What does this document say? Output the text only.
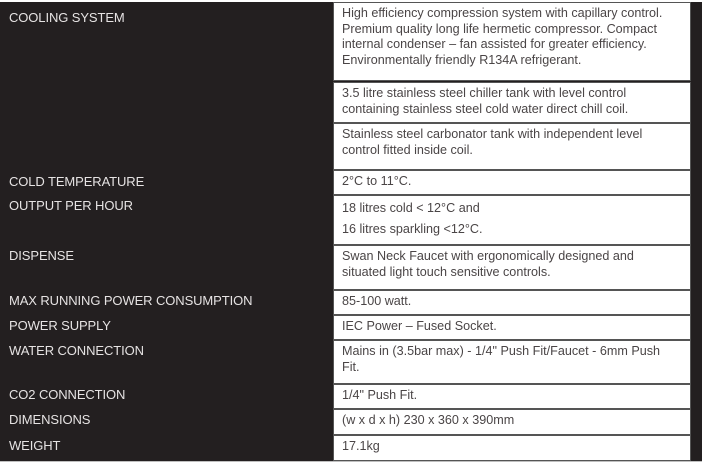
COOLING SYSTEM	High efficiency compression system with capillary control.
Premium quality long life hermetic compressor. Compact
internal condenser – fan assisted for greater efficiency.
Environmentally friendly R134A refrigerant.
3.5 litre stainless steel chiller tank with level control
containing stainless steel cold water direct chill coil.
Stainless steel carbonator tank with independent level
control fitted inside coil.
COLD TEMPERATURE	2°C to 11°C.
OUTPUT PER HOUR	18 litres cold < 12°C and
16 litres sparkling <12°C.
DISPENSE	Swan Neck Faucet with ergonomically designed and
situated light touch sensitive controls.
MAX RUNNING POWER CONSUMPTION	85-100 watt.
POWER SUPPLY	IEC Power – Fused Socket.
WATER CONNECTION	Mains in (3.5bar max) - 1/4" Push Fit/Faucet - 6mm Push
Fit.
CO2 CONNECTION	1/4" Push Fit.
DIMENSIONS	(w x d x h) 230 x 360 x 390mm
WEIGHT	17.1kg
